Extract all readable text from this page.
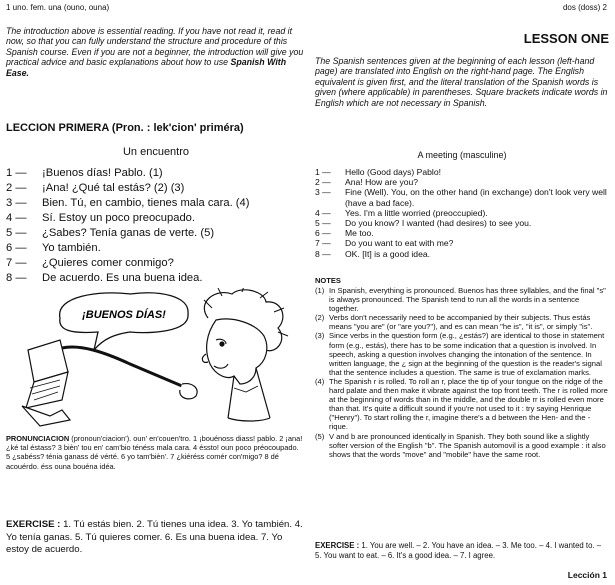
1 uno. fem. una (ouno, ouna)	dos (doss) 2
The introduction above is essential reading. If you have not read it, read it now, so that you can fully understand the structure and procedure of this Spanish course. Even if you are not a beginner, the introduction will give you practical advice and basic explanations about how to use Spanish With Ease.
LECCION PRIMERA (Pron. : lek'cion' priméra)
Un encuentro
1 —	¡Buenos días! Pablo. (1)
2 —	¡Ana! ¿Qué tal estás? (2) (3)
3 —	Bien. Tú, en cambio, tienes mala cara. (4)
4 —	Sí. Estoy un poco preocupado.
5 —	¿Sabes? Tenía ganas de verte. (5)
6 —	Yo también.
7 —	¿Quieres comer conmigo?
8 —	De acuerdo. Es una buena idea.
¡BUENOS DÍAS!
PRONUNCIACION (pronoun'ciacion'). oun' en'couen'tro. 1 ¡bouénoss diass! pablo. 2 ¡ana! ¿ké tal éstass? 3 bièn' tou en' cam'bio ténéss mala cara. 4 éssto! oun poco préocoupado. 5 ¿sabéss? ténia ganass dé vérté. 6 yo tam'bièn'. 7 ¿kiéréss comér con'migo? 8 dé acouérdo. éss ouna bouéna idéa.
EXERCISE : 1. Tú estás bien. 2. Tú tienes una idea. 3. Yo también. 4. Yo tenía ganas. 5. Tú quieres comer. 6. Es una buena idea. 7. Yo estoy de acuerdo.
LESSON ONE
The Spanish sentences given at the beginning of each lesson (left-hand page) are translated into English on the right-hand page. The English equivalent is given first, and the literal translation of the Spanish words is given (where applicable) in parentheses. Square brackets indicate words in English which are not necessary in Spanish.
A meeting (masculine)
1 —	Hello (Good days) Pablo!
2 —	Ana! How are you?
3 —	Fine (Well). You, on the other hand (in exchange) don't look very well (have a bad face).
4 —	Yes. I'm a little worried (preoccupied).
5 —	Do you know? I wanted (had desires) to see you.
6 —	Me too.
7 —	Do you want to eat with me?
8 —	OK. [It] is a good idea.
NOTES
(1) In Spanish, everything is pronounced. Buenos has three syllables, and the final "s" is always pronounced. The Spanish tend to run all the words in a sentence together.
(2) Verbs don't necessarily need to be accompanied by their subjects. Thus estás means "you are" (or "are you?"), and es can mean "he is", "it is", or simply "is".
(3) Since verbs in the question form (e.g., ¿estás?) are identical to those in statement form (e.g., estás), there has to be some indication that a question is involved. In speech, asking a question involves changing the intonation of the sentence. In written language, the ¿ sign at the beginning of the question is the reader's signal that the sentence includes a question. The same is true of exclamation marks.
(4) The Spanish r is rolled. To roll an r, place the tip of your tongue on the ridge of the hard palate and then make it vibrate against the top front teeth. The r is rolled more at the beginning of words than in the middle, and the double rr is rolled even more than that. It's quite a difficult sound if you're not used to it : try saying Henrique ("Henry"). To start rolling the r, imagine there's a d between the Hen- and the -rique.
(5) V and b are pronounced identically in Spanish. They both sound like a slightly softer version of the English "b". The Spanish automovil is a good example : it also shows that the words "move" and "mobile" have the same root.
EXERCISE : 1. You are well. – 2. You have an idea. – 3. Me too. – 4. I wanted to. – 5. You want to eat. – 6. It's a good idea. – 7. I agree.
Lección 1
